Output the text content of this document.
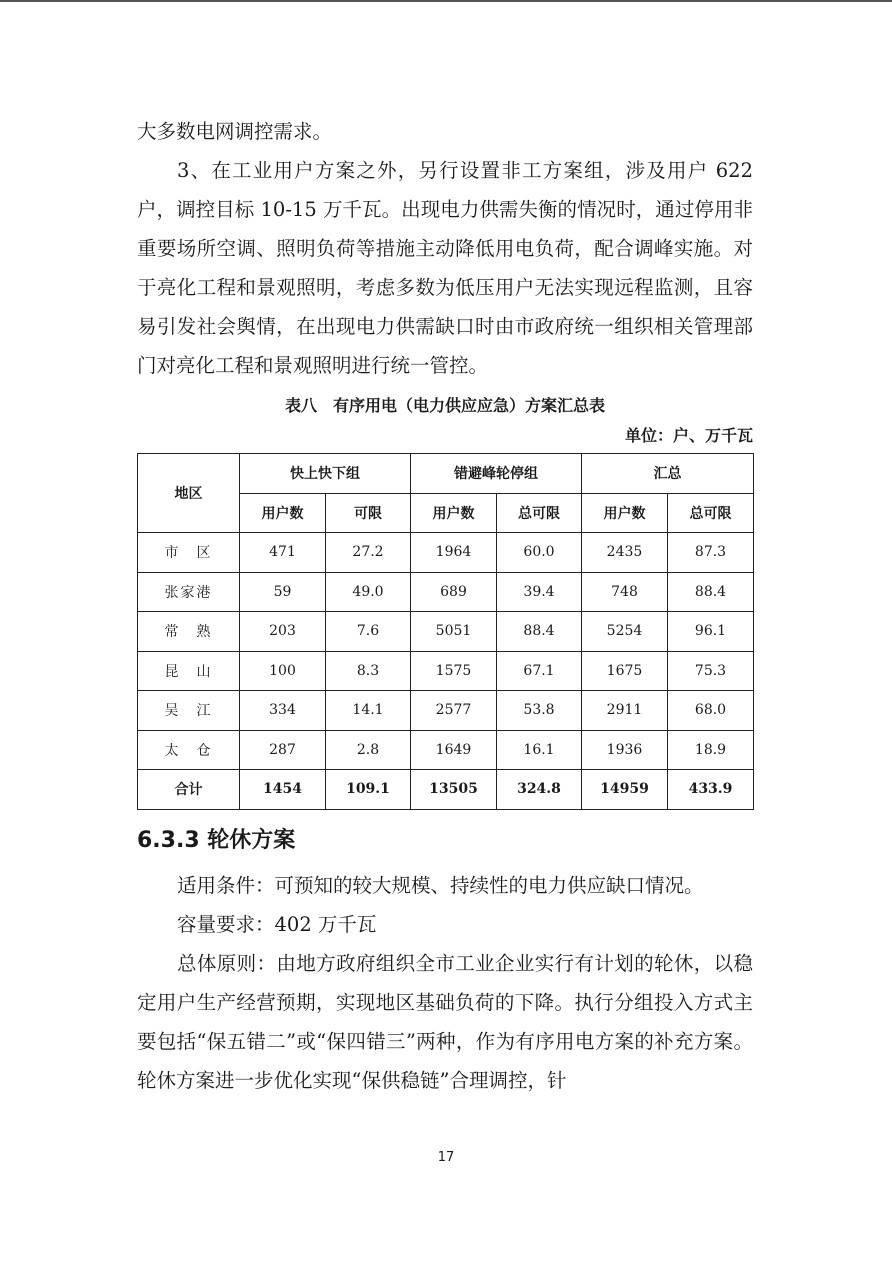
大多数电网调控需求。

3、在工业用户方案之外，另行设置非工方案组，涉及用户 622 户，调控目标 10-15 万千瓦。出现电力供需失衡的情况时，通过停用非重要场所空调、照明负荷等措施主动降低用电负荷，配合调峰实施。对于亮化工程和景观照明，考虑多数为低压用户无法实现远程监测，且容易引发社会舆情，在出现电力供需缺口时由市政府统一组织相关管理部门对亮化工程和景观照明进行统一管控。

表八　有序用电（电力供应应急）方案汇总表
单位：户、万千瓦
地区	快上快下组		错避峰轮停组		汇总	
	用户数	可限	用户数	总可限	用户数	总可限
市　区	471	27.2	1964	60.0	2435	87.3
张家港	59	49.0	689	39.4	748	88.4
常　熟	203	7.6	5051	88.4	5254	96.1
昆　山	100	8.3	1575	67.1	1675	75.3
吴　江	334	14.1	2577	53.8	2911	68.0
太　仓	287	2.8	1649	16.1	1936	18.9
合计	1454	109.1	13505	324.8	14959	433.9
6.3.3 轮休方案

适用条件：可预知的较大规模、持续性的电力供应缺口情况。

容量要求：402 万千瓦

总体原则：由地方政府组织全市工业企业实行有计划的轮休，以稳定用户生产经营预期，实现地区基础负荷的下降。执行分组投入方式主要包括“保五错二”或“保四错三”两种，作为有序用电方案的补充方案。轮休方案进一步优化实现“保供稳链”合理调控，针

17
